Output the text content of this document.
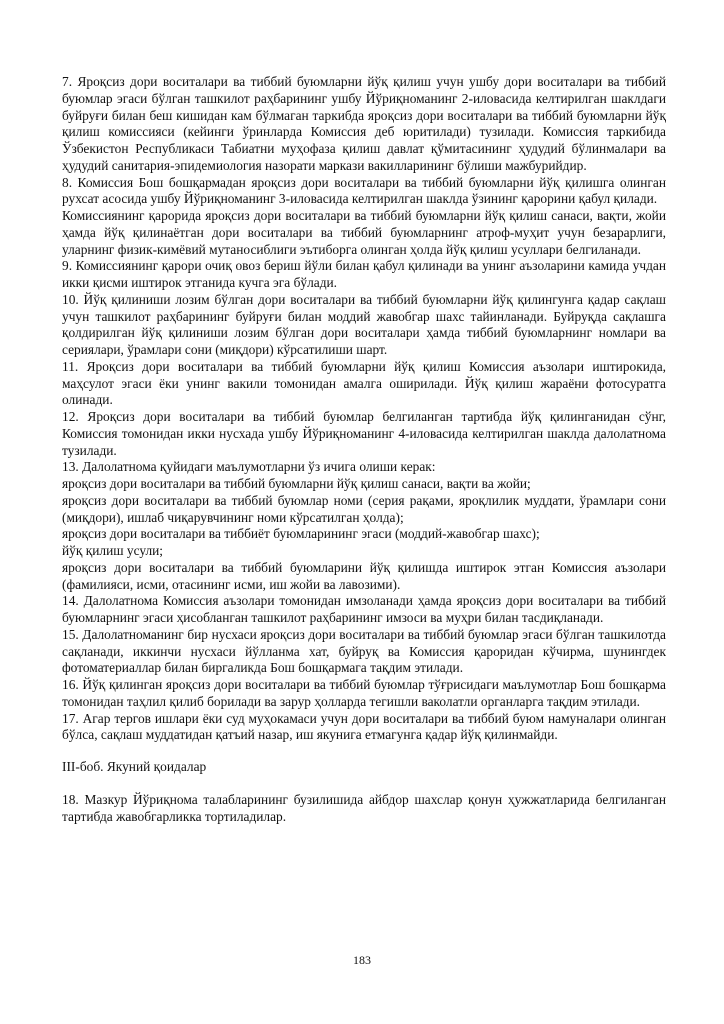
7. Яроқсиз дори воситалари ва тиббий буюмларни йўқ қилиш учун ушбу дори воситалари ва тиббий буюмлар эгаси бўлган ташкилот раҳбарининг ушбу Йўриқноманинг 2-иловасида келтирилган шаклдаги буйруғи билан беш кишидан кам бўлмаган таркибда яроқсиз дори воситалари ва тиббий буюмларни йўқ қилиш комиссияси (кейинги ўринларда Комиссия деб юритилади) тузилади. Комиссия таркибида Ўзбекистон Республикаси Табиатни муҳофаза қилиш давлат қўмитасининг ҳудудий бўлинмалари ва ҳудудий санитария-эпидемиология назорати маркази вакилларининг бўлиши мажбурийдир.

8. Комиссия Бош бошқармадан яроқсиз дори воситалари ва тиббий буюмларни йўқ қилишга олинган рухсат асосида ушбу Йўриқноманинг 3-иловасида келтирилган шаклда ўзининг қарорини қабул қилади.

Комиссиянинг қарорида яроқсиз дори воситалари ва тиббий буюмларни йўқ қилиш санаси, вақти, жойи ҳамда йўқ қилинаётган дори воситалари ва тиббий буюмларнинг атроф-муҳит учун безарарлиги, уларнинг физик-кимёвий мутаносиблиги эътиборга олинган ҳолда йўқ қилиш усуллари белгиланади.

9. Комиссиянинг қарори очиқ овоз бериш йўли билан қабул қилинади ва унинг аъзоларини камида учдан икки қисми иштирок этганида кучга эга бўлади.

10. Йўқ қилиниши лозим бўлган дори воситалари ва тиббий буюмларни йўқ қилингунга қадар сақлаш учун ташкилот раҳбарининг буйруғи билан моддий жавобгар шахс тайинланади. Буйруқда сақлашга қолдирилган йўқ қилиниши лозим бўлган дори воситалари ҳамда тиббий буюмларнинг номлари ва сериялари, ўрамлари сони (миқдори) кўрсатилиши шарт.

11. Яроқсиз дори воситалари ва тиббий буюмларни йўқ қилиш Комиссия аъзолари иштирокида, маҳсулот эгаси ёки унинг вакили томонидан амалга оширилади. Йўқ қилиш жараёни фотосуратга олинади.

12. Яроқсиз дори воситалари ва тиббий буюмлар белгиланган тартибда йўқ қилинганидан сўнг, Комиссия томонидан икки нусхада ушбу Йўриқноманинг 4-иловасида келтирилган шаклда далолатнома тузилади.

13. Далолатнома қуйидаги маълумотларни ўз ичига олиши керак:

яроқсиз дори воситалари ва тиббий буюмларни йўқ қилиш санаси, вақти ва жойи;

яроқсиз дори воситалари ва тиббий буюмлар номи (серия рақами, яроқлилик муддати, ўрамлари сони (миқдори), ишлаб чиқарувчининг номи кўрсатилган ҳолда);

яроқсиз дори воситалари ва тиббиёт буюмларининг эгаси (моддий-жавобгар шахс);

йўқ қилиш усули;

яроқсиз дори воситалари ва тиббий буюмларини йўқ қилишда иштирок этган Комиссия аъзолари (фамилияси, исми, отасининг исми, иш жойи ва лавозими).

14. Далолатнома Комиссия аъзолари томонидан имзоланади ҳамда яроқсиз дори воситалари ва тиббий буюмларнинг эгаси ҳисобланган ташкилот раҳбарининг имзоси ва муҳри билан тасдиқланади.

15. Далолатноманинг бир нусхаси яроқсиз дори воситалари ва тиббий буюмлар эгаси бўлган ташкилотда сақланади, иккинчи нусхаси йўлланма хат, буйруқ ва Комиссия қароридан кўчирма, шунингдек фотоматериаллар билан биргаликда Бош бошқармага тақдим этилади.

16. Йўқ қилинган яроқсиз дори воситалари ва тиббий буюмлар тўғрисидаги маълумотлар Бош бошқарма томонидан таҳлил қилиб борилади ва зарур ҳолларда тегишли ваколатли органларга тақдим этилади.

17. Агар тергов ишлари ёки суд муҳокамаси учун дори воситалари ва тиббий буюм намуналари олинган бўлса, сақлаш муддатидан қатъий назар, иш якунига етмагунга қадар йўқ қилинмайди.

III-боб. Якуний қоидалар

18. Мазкур Йўриқнома талабларининг бузилишида айбдор шахслар қонун ҳужжатларида белгиланган тартибда жавобгарликка тортиладилар.

183
